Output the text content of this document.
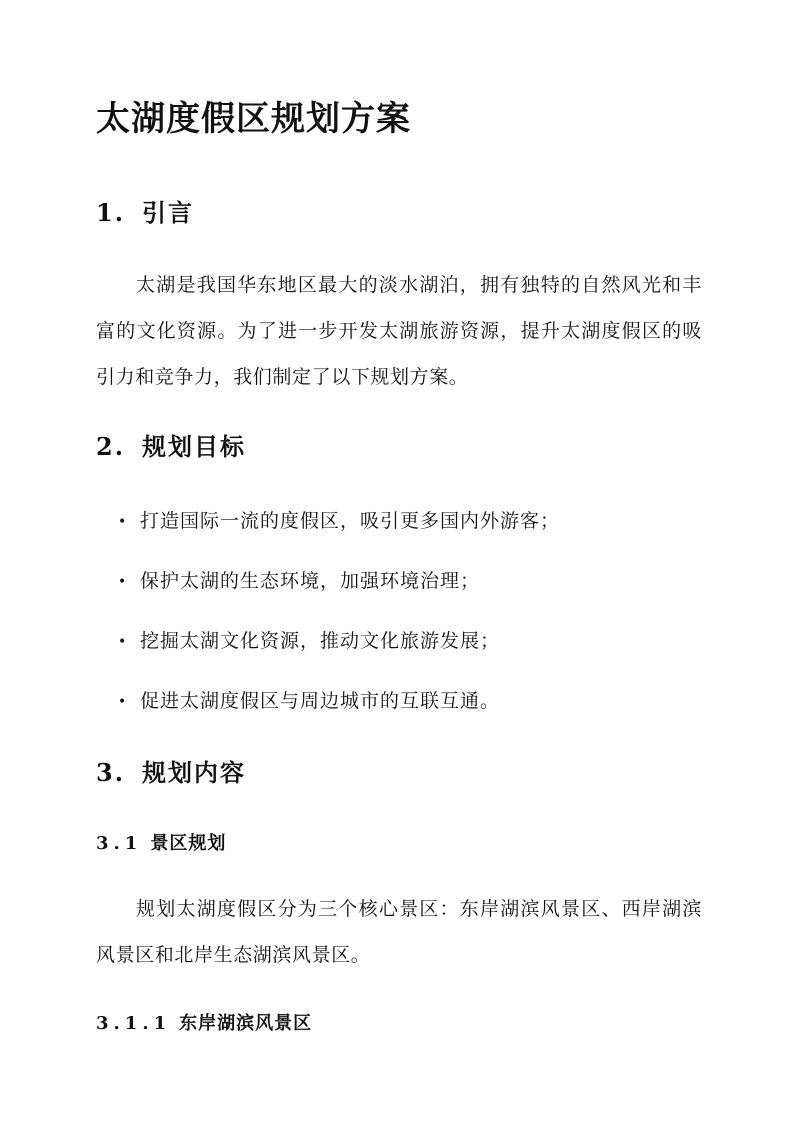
太湖度假区规划方案
1. 引言

太湖是我国华东地区最大的淡水湖泊，拥有独特的自然风光和丰富的文化资源。为了进一步开发太湖旅游资源，提升太湖度假区的吸引力和竞争力，我们制定了以下规划方案。

2. 规划目标
• 打造国际一流的度假区，吸引更多国内外游客；
• 保护太湖的生态环境，加强环境治理；
• 挖掘太湖文化资源，推动文化旅游发展；
• 促进太湖度假区与周边城市的互联互通。
3. 规划内容
3.1 景区规划

规划太湖度假区分为三个核心景区：东岸湖滨风景区、西岸湖滨风景区和北岸生态湖滨风景区。

3.1.1 东岸湖滨风景区
